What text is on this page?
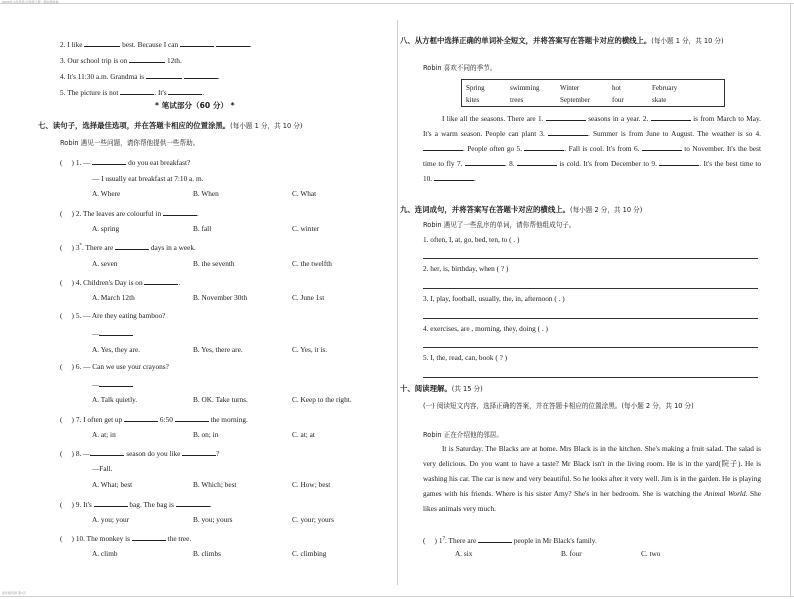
2023年小学英语·四年级下册 · 期末测试卷
四年级英语 第1页
2. I like	best. Because I can	.
3. Our school trip is on	12th.
4. It's 11:30 a.m. Grandma is	.
5. The picture is not	. It's	.
* 笔试部分（60 分） *
七、读句子，选择最佳选项，并在答题卡相应的位置涂黑。(每小题 1 分，共 10 分)
Robin 遇见一些问题，请你帮他提供一些帮助。
(     ) 1. —	do you eat breakfast?
— I usually eat breakfast at 7:10 a. m.
A. Where	B. When	C. What
(     ) 2. The leaves are colourful in	.
A. spring	B. fall	C. winter
(     ) 3*. There are	days in a week.
A. seven	B. the seventh	C. the twelfth
(     ) 4. Children's Day is on	.
A. March 12th	B. November 30th	C. June 1st
(     ) 5. — Are they eating bamboo?
—
A. Yes, they are.	B. Yes, there are.	C. Yes, it is.
(     ) 6. — Can we use your crayons?
—
A. Talk quietly.	B. OK. Take turns.	C. Keep to the right.
(     ) 7. I often get up	6:50	the morning.
A. at; in	B. on; in	C. at; at
(     ) 8. —	season do you like	?
—Fall.
A. What; best	B. Which; best	C. How; best
(     ) 9. It's	bag. The bag is	.
A. you; your	B. you; yours	C. your; yours
(     ) 10. The monkey is	the tree.
A. climb	B. climbs	C. climbing
八、从方框中选择正确的单词补全短文，并将答案写在答题卡对应的横线上。(每小题 1 分，共 10 分)
Robin 喜欢不同的季节。
Spring	swimming	Winter	hot	February
kites	trees	September	four	skate
I like all the seasons. There are 1.	seasons in a year. 2.	is from March to May. It's a warm season. People can plant 3.	. Summer is from June to August. The weather is so 4. . People often go 5.	. Fall is cool. It's from 6.	to November. It's the best time to fly 7.	. 8.	is cold. It's from December to 9.	. It's the best time to 10.	.
九、连词成句，并将答案写在答题卡对应的横线上。(每小题 2 分，共 10 分)
Robin 遇见了一些乱序的单词，请你帮他组成句子。
1. often, I, at, go, bed, ten, to ( . )
2. her, is, birthday, when ( ? )
3. I, play, football, usually, the, in, afternoon ( . )
4. exercises, are , morning, they, doing ( . )
5. I, the, read, can, book ( ? )
十、阅读理解。(共 15 分)
(一) 阅读短文内容，选择正确的答案，并在答题卡相应的位置涂黑。(每小题 2 分，共 10 分)
Robin 正在介绍他的邻居。
It is Saturday. The Blacks are at home. Mrs Black is in the kitchen. She's making a fruit salad. The salad is very delicious. Do you want to have a taste? Mr Black isn't in the living room. He is in the yard(院子). He is washing his car. The car is new and very beautiful. So he looks after it very well. Jim is in the garden. He is playing games with his friends. Where is his sister Amy? She's in her bedroom. She is watching the Animal World. She likes animals very much.
(     ) $1^7$. There are	people in Mr Black's family.
A. six	B. four	C. two
